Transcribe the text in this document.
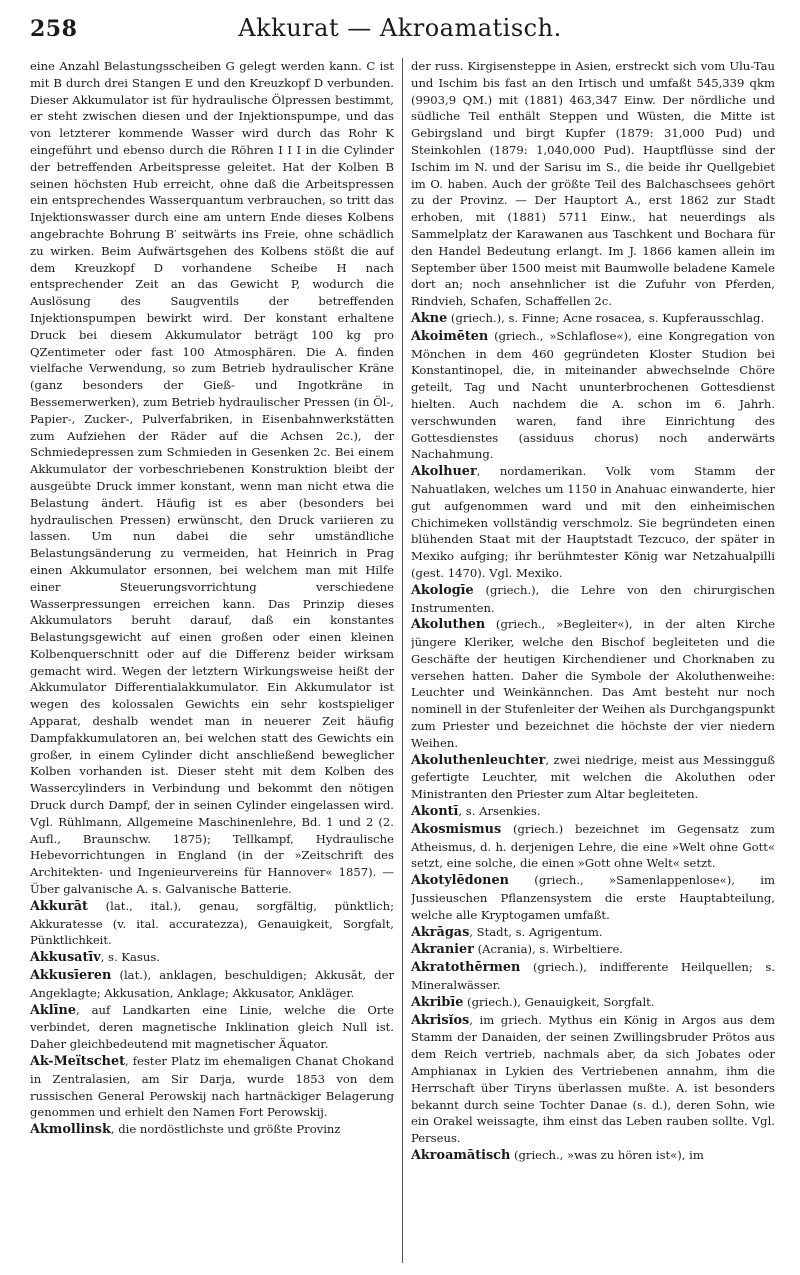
258	Akkurat — Akroamatisch.

eine Anzahl Belastungsscheiben G gelegt werden kann. C ist mit B durch drei Stangen E und den Kreuzkopf D verbunden. Dieser Akkumulator ist für hydraulische Ölpressen bestimmt, er steht zwischen diesen und der Injektionspumpe, und das von letzterer kommende Wasser wird durch das Rohr K eingeführt und ebenso durch die Röhren I I I in die Cylinder der betreffenden Arbeitspresse geleitet. Hat der Kolben B seinen höchsten Hub erreicht, ohne daß die Arbeitspressen ein entsprechendes Wasserquantum verbrauchen, so tritt das Injektionswasser durch eine am untern Ende dieses Kolbens angebrachte Bohrung B′ seitwärts ins Freie, ohne schädlich zu wirken. Beim Aufwärtsgehen des Kolbens stößt die auf dem Kreuzkopf D vorhandene Scheibe H nach entsprechender Zeit an das Gewicht P, wodurch die Auslösung des Saugventils der betreffenden Injektionspumpen bewirkt wird. Der konstant erhaltene Druck bei diesem Akkumulator beträgt 100 kg pro QZentimeter oder fast 100 Atmosphären. Die A. finden vielfache Verwendung, so zum Betrieb hydraulischer Kräne (ganz besonders der Gieß- und Ingotkräne in Bessemerwerken), zum Betrieb hydraulischer Pressen (in Öl-, Papier-, Zucker-, Pulverfabriken, in Eisenbahnwerkstätten zum Aufziehen der Räder auf die Achsen 2c.), der Schmiedepressen zum Schmieden in Gesenken 2c. Bei einem Akkumulator der vorbeschriebenen Konstruktion bleibt der ausgeübte Druck immer konstant, wenn man nicht etwa die Belastung ändert. Häufig ist es aber (besonders bei hydraulischen Pressen) erwünscht, den Druck variieren zu lassen. Um nun dabei die sehr umständliche Belastungsänderung zu vermeiden, hat Heinrich in Prag einen Akkumulator ersonnen, bei welchem man mit Hilfe einer Steuerungsvorrichtung verschiedene Wasserpressungen erreichen kann. Das Prinzip dieses Akkumulators beruht darauf, daß ein konstantes Belastungsgewicht auf einen großen oder einen kleinen Kolbenquerschnitt oder auf die Differenz beider wirksam gemacht wird. Wegen der letztern Wirkungsweise heißt der Akkumulator Differentialakkumulator. Ein Akkumulator ist wegen des kolossalen Gewichts ein sehr kostspieliger Apparat, deshalb wendet man in neuerer Zeit häufig Dampfakkumulatoren an, bei welchen statt des Gewichts ein großer, in einem Cylinder dicht anschließend beweglicher Kolben vorhanden ist. Dieser steht mit dem Kolben des Wassercylinders in Verbindung und bekommt den nötigen Druck durch Dampf, der in seinen Cylinder eingelassen wird. Vgl. Rühlmann, Allgemeine Maschinenlehre, Bd. 1 und 2 (2. Aufl., Braunschw. 1875); Tellkampf, Hydraulische Hebevorrichtungen in England (in der »Zeitschrift des Architekten- und Ingenieurvereins für Hannover« 1857). — Über galvanische A. s. Galvanische Batterie.

Akkurāt (lat., ital.), genau, sorgfältig, pünktlich; Akkuratesse (v. ital. accuratezza), Genauigkeit, Sorgfalt, Pünktlichkeit.

Akkusatīv, s. Kasus.

Akkusīeren (lat.), anklagen, beschuldigen; Akkusāt, der Angeklagte; Akkusation, Anklage; Akkusator, Ankläger.

Aklīne, auf Landkarten eine Linie, welche die Orte verbindet, deren magnetische Inklination gleich Null ist. Daher gleichbedeutend mit magnetischer Äquator.

Ak-Meïtschet, fester Platz im ehemaligen Chanat Chokand in Zentralasien, am Sir Darja, wurde 1853 von dem russischen General Perowskij nach hartnäckiger Belagerung genommen und erhielt den Namen Fort Perowskij.

Akmollinsk, die nordöstlichste und größte Provinz

der russ. Kirgisensteppe in Asien, erstreckt sich vom Ulu-Tau und Ischim bis fast an den Irtisch und umfaßt 545,339 qkm (9903,9 QM.) mit (1881) 463,347 Einw. Der nördliche und südliche Teil enthält Steppen und Wüsten, die Mitte ist Gebirgsland und birgt Kupfer (1879: 31,000 Pud) und Steinkohlen (1879: 1,040,000 Pud). Hauptflüsse sind der Ischim im N. und der Sarisu im S., die beide ihr Quellgebiet im O. haben. Auch der größte Teil des Balchaschsees gehört zu der Provinz. — Der Hauptort A., erst 1862 zur Stadt erhoben, mit (1881) 5711 Einw., hat neuerdings als Sammelplatz der Karawanen aus Taschkent und Bochara für den Handel Bedeutung erlangt. Im J. 1866 kamen allein im September über 1500 meist mit Baumwolle beladene Kamele dort an; noch ansehnlicher ist die Zufuhr von Pferden, Rindvieh, Schafen, Schaffellen 2c.

Akne (griech.), s. Finne; Acne rosacea, s. Kupferausschlag.

Akoimēten (griech., »Schlaflose«), eine Kongregation von Mönchen in dem 460 gegründeten Kloster Studion bei Konstantinopel, die, in miteinander abwechselnde Chöre geteilt, Tag und Nacht ununterbrochenen Gottesdienst hielten. Auch nachdem die A. schon im 6. Jahrh. verschwunden waren, fand ihre Einrichtung des Gottesdienstes (assiduus chorus) noch anderwärts Nachahmung.

Akolhuer, nordamerikan. Volk vom Stamm der Nahuatlaken, welches um 1150 in Anahuac einwanderte, hier gut aufgenommen ward und mit den einheimischen Chichimeken vollständig verschmolz. Sie begründeten einen blühenden Staat mit der Hauptstadt Tezcuco, der später in Mexiko aufging; ihr berühmtester König war Netzahualpilli (gest. 1470). Vgl. Mexiko.

Akologīe (griech.), die Lehre von den chirurgischen Instrumenten.

Akoluthen (griech., »Begleiter«), in der alten Kirche jüngere Kleriker, welche den Bischof begleiteten und die Geschäfte der heutigen Kirchendiener und Chorknaben zu versehen hatten. Daher die Symbole der Akoluthenweihe: Leuchter und Weinkännchen. Das Amt besteht nur noch nominell in der Stufenleiter der Weihen als Durchgangspunkt zum Priester und bezeichnet die höchste der vier niedern Weihen.

Akoluthenleuchter, zwei niedrige, meist aus Messingguß gefertigte Leuchter, mit welchen die Akoluthen oder Ministranten den Priester zum Altar begleiteten.

Akontī, s. Arsenkies.

Akosmismus (griech.) bezeichnet im Gegensatz zum Atheismus, d. h. derjenigen Lehre, die eine »Welt ohne Gott« setzt, eine solche, die einen »Gott ohne Welt« setzt.

Akotylēdonen (griech., »Samenlappenlose«), im Jussieuschen Pflanzensystem die erste Hauptabteilung, welche alle Kryptogamen umfaßt.

Akrāgas, Stadt, s. Agrigentum.

Akranier (Acrania), s. Wirbeltiere.

Akratothērmen (griech.), indifferente Heilquellen; s. Mineralwässer.

Akribīe (griech.), Genauigkeit, Sorgfalt.

Akrisĭos, im griech. Mythus ein König in Argos aus dem Stamm der Danaiden, der seinen Zwillingsbruder Prötos aus dem Reich vertrieb, nachmals aber, da sich Jobates oder Amphianax in Lykien des Vertriebenen annahm, ihm die Herrschaft über Tiryns überlassen mußte. A. ist besonders bekannt durch seine Tochter Danae (s. d.), deren Sohn, wie ein Orakel weissagte, ihm einst das Leben rauben sollte. Vgl. Perseus.

Akroamātisch (griech., »was zu hören ist«), im
